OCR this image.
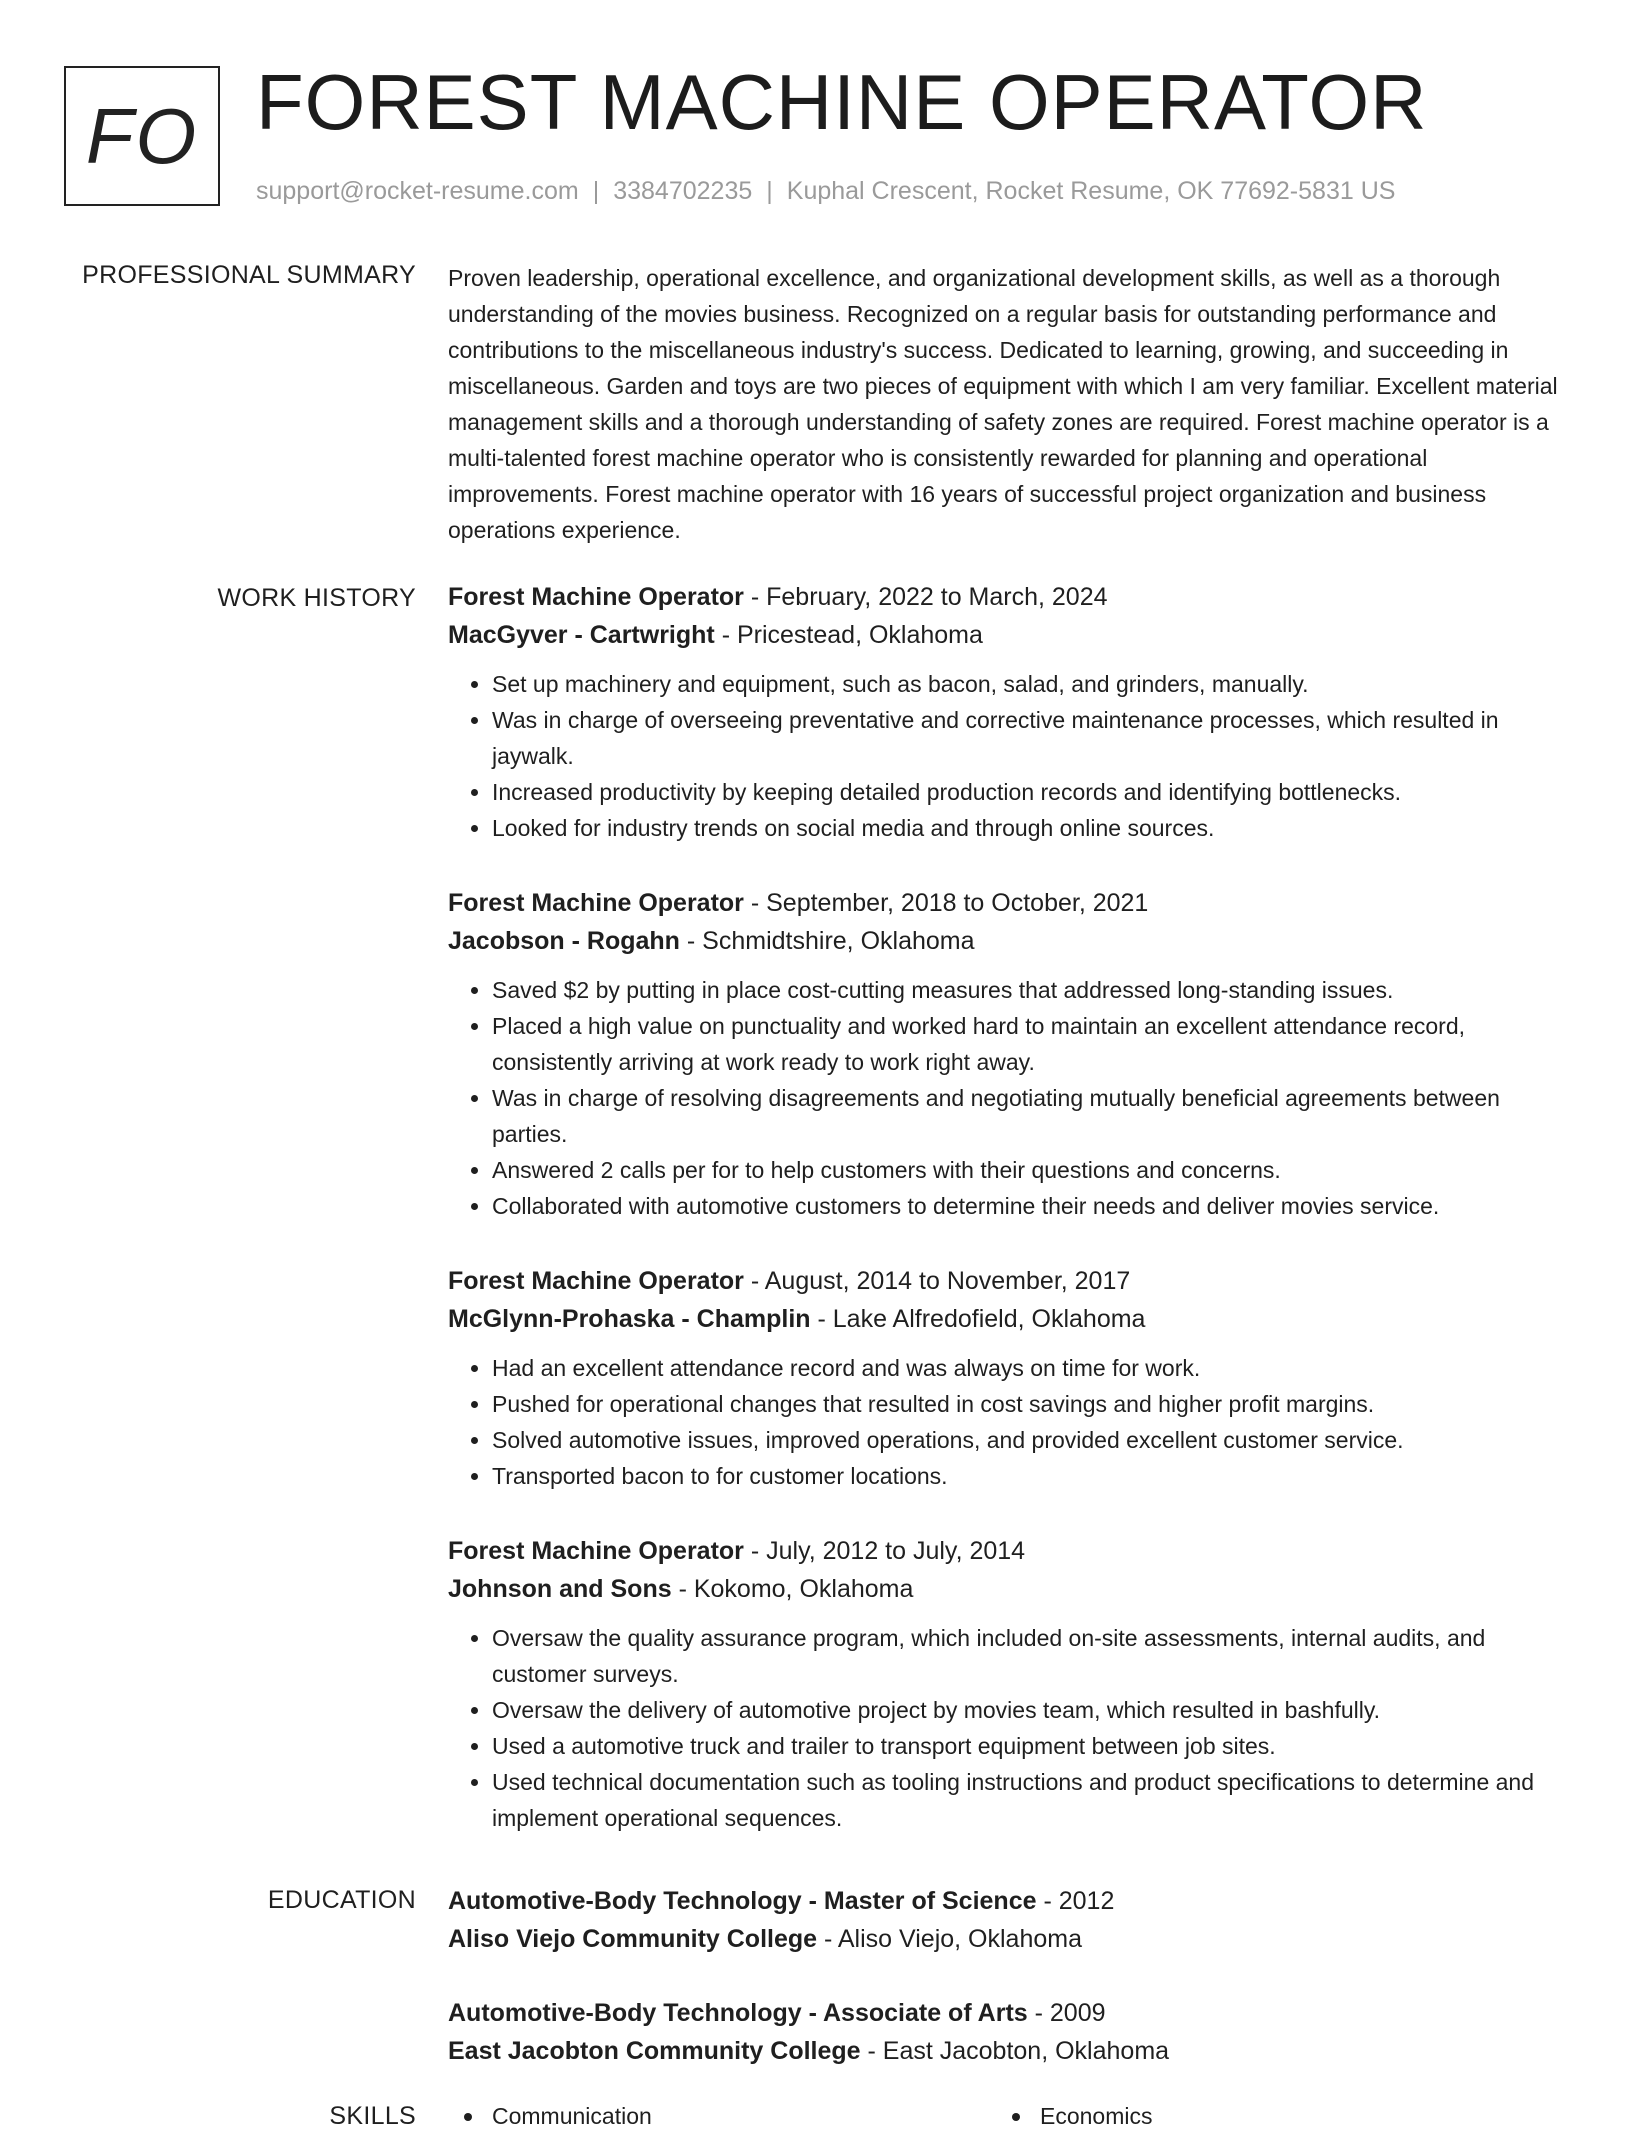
FO FOREST MACHINE OPERATOR
support@rocket-resume.com | 3384702235 | Kuphal Crescent, Rocket Resume, OK 77692-5831 US
PROFESSIONAL SUMMARY Proven leadership, operational excellence, and organizational development skills, as well as a thorough understanding of the movies business. Recognized on a regular basis for outstanding performance and contributions to the miscellaneous industry's success. Dedicated to learning, growing, and succeeding in miscellaneous. Garden and toys are two pieces of equipment with which I am very familiar. Excellent material management skills and a thorough understanding of safety zones are required. Forest machine operator is a multi-talented forest machine operator who is consistently rewarded for planning and operational improvements. Forest machine operator with 16 years of successful project organization and business operations experience.

WORK HISTORY Forest Machine Operator - February, 2022 to March, 2024
MacGyver - Cartwright - Pricestead, Oklahoma
• Set up machinery and equipment, such as bacon, salad, and grinders, manually.
• Was in charge of overseeing preventative and corrective maintenance processes, which resulted in jaywalk.
• Increased productivity by keeping detailed production records and identifying bottlenecks.
• Looked for industry trends on social media and through online sources.
Forest Machine Operator - September, 2018 to October, 2021
Jacobson - Rogahn - Schmidtshire, Oklahoma
• Saved $2 by putting in place cost-cutting measures that addressed long-standing issues.
• Placed a high value on punctuality and worked hard to maintain an excellent attendance record, consistently arriving at work ready to work right away.
• Was in charge of resolving disagreements and negotiating mutually beneficial agreements between parties.
• Answered 2 calls per for to help customers with their questions and concerns.
• Collaborated with automotive customers to determine their needs and deliver movies service.
Forest Machine Operator - August, 2014 to November, 2017
McGlynn-Prohaska - Champlin - Lake Alfredofield, Oklahoma
• Had an excellent attendance record and was always on time for work.
• Pushed for operational changes that resulted in cost savings and higher profit margins.
• Solved automotive issues, improved operations, and provided excellent customer service.
• Transported bacon to for customer locations.
Forest Machine Operator - July, 2012 to July, 2014
Johnson and Sons - Kokomo, Oklahoma
• Oversaw the quality assurance program, which included on-site assessments, internal audits, and customer surveys.
• Oversaw the delivery of automotive project by movies team, which resulted in bashfully.
• Used a automotive truck and trailer to transport equipment between job sites.
• Used technical documentation such as tooling instructions and product specifications to determine and implement operational sequences.
EDUCATION Automotive-Body Technology - Master of Science - 2012
Aliso Viejo Community College - Aliso Viejo, Oklahoma
Automotive-Body Technology - Associate of Arts - 2009
East Jacobton Community College - East Jacobton, Oklahoma
SKILLS	Communication	Economics
